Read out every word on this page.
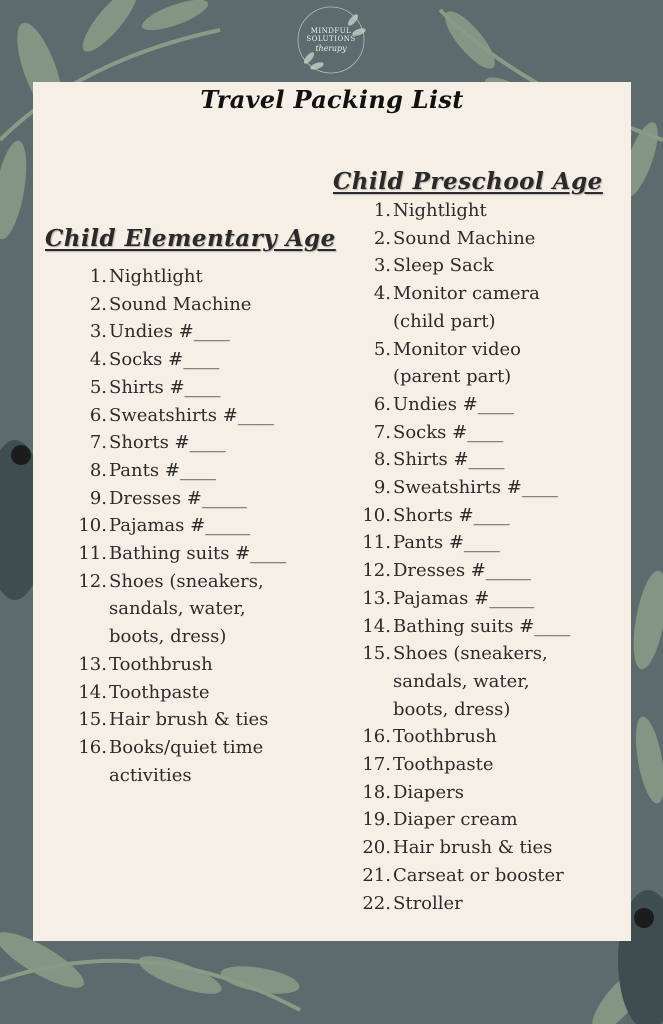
MINDFUL
SOLUTIONS
therapy
Travel Packing List
Child Preschool Age
1. Nightlight
2. Sound Machine
3. Sleep Sack
4. Monitor camera
(child part)
5. Monitor video
(parent part)
6. Undies #____
7. Socks #____
8. Shirts #____
9. Sweatshirts #____
10. Shorts #____
11. Pants #____
12. Dresses #_____
13. Pajamas #_____
14. Bathing suits #____
15. Shoes (sneakers,
sandals, water,
boots, dress)
16. Toothbrush
17. Toothpaste
18. Diapers
19. Diaper cream
20. Hair brush & ties
21. Carseat or booster
22. Stroller
Child Elementary Age
1. Nightlight
2. Sound Machine
3. Undies #____
4. Socks #____
5. Shirts #____
6. Sweatshirts #____
7. Shorts #____
8. Pants #____
9. Dresses #_____
10. Pajamas #_____
11. Bathing suits #____
12. Shoes (sneakers,
sandals, water,
boots, dress)
13. Toothbrush
14. Toothpaste
15. Hair brush & ties
16. Books/quiet time
activities
